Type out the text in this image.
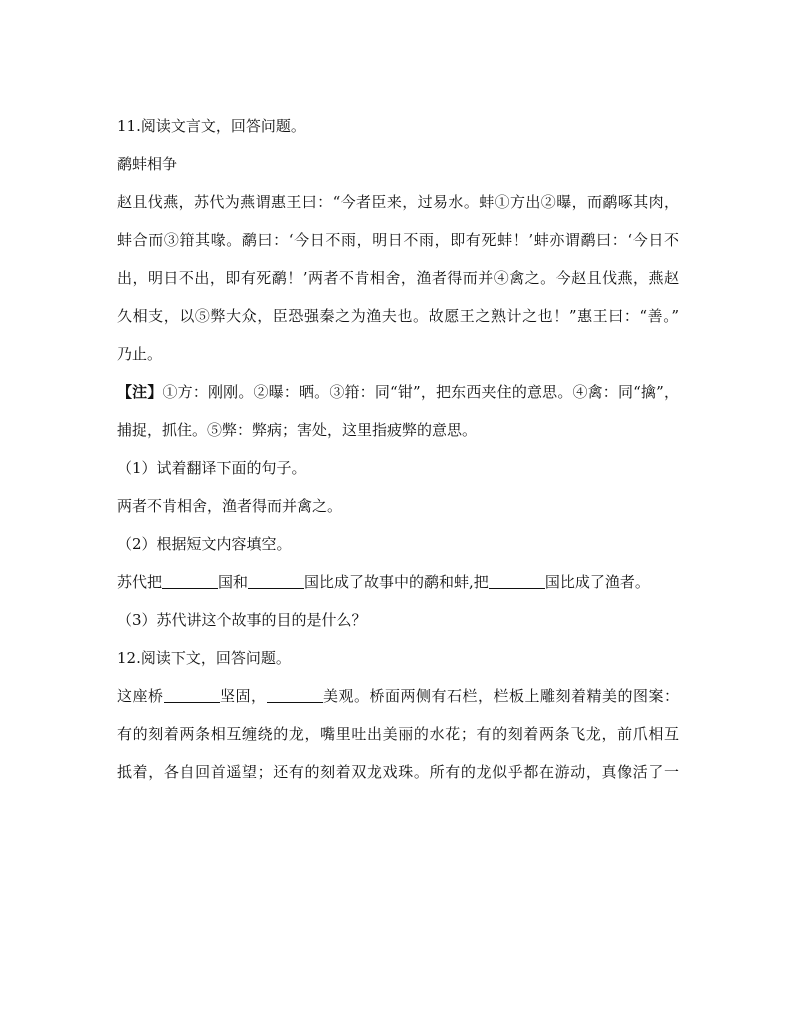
11.阅读文言文，回答问题。
鹬蚌相争
赵且伐燕，苏代为燕谓惠王曰：“今者臣来，过易水。蚌①方出②曝，而鹬啄其肉，
蚌合而③箝其喙。鹬曰：‘今日不雨，明日不雨，即有死蚌！’蚌亦谓鹬曰：‘今日不
出，明日不出，即有死鹬！’两者不肯相舍，渔者得而并④禽之。今赵且伐燕，燕赵
久相支，以⑤弊大众，臣恐强秦之为渔夫也。故愿王之熟计之也！”惠王曰：“善。”
乃止。
【注】①方：刚刚。②曝：晒。③箝：同“钳”，把东西夹住的意思。④禽：同“擒”，
捕捉，抓住。⑤弊：弊病；害处，这里指疲弊的意思。
（1）试着翻译下面的句子。
两者不肯相舍，渔者得而并禽之。
（2）根据短文内容填空。
苏代把	国和	国比成了故事中的鹬和蚌,把	国比成了渔者。
（3）苏代讲这个故事的目的是什么？
12.阅读下文，回答问题。
这座桥	坚固，	美观。桥面两侧有石栏，栏板上雕刻着精美的图案：
有的刻着两条相互缠绕的龙，嘴里吐出美丽的水花；有的刻着两条飞龙，前爪相互
抵着，各自回首遥望；还有的刻着双龙戏珠。所有的龙似乎都在游动，真像活了一
